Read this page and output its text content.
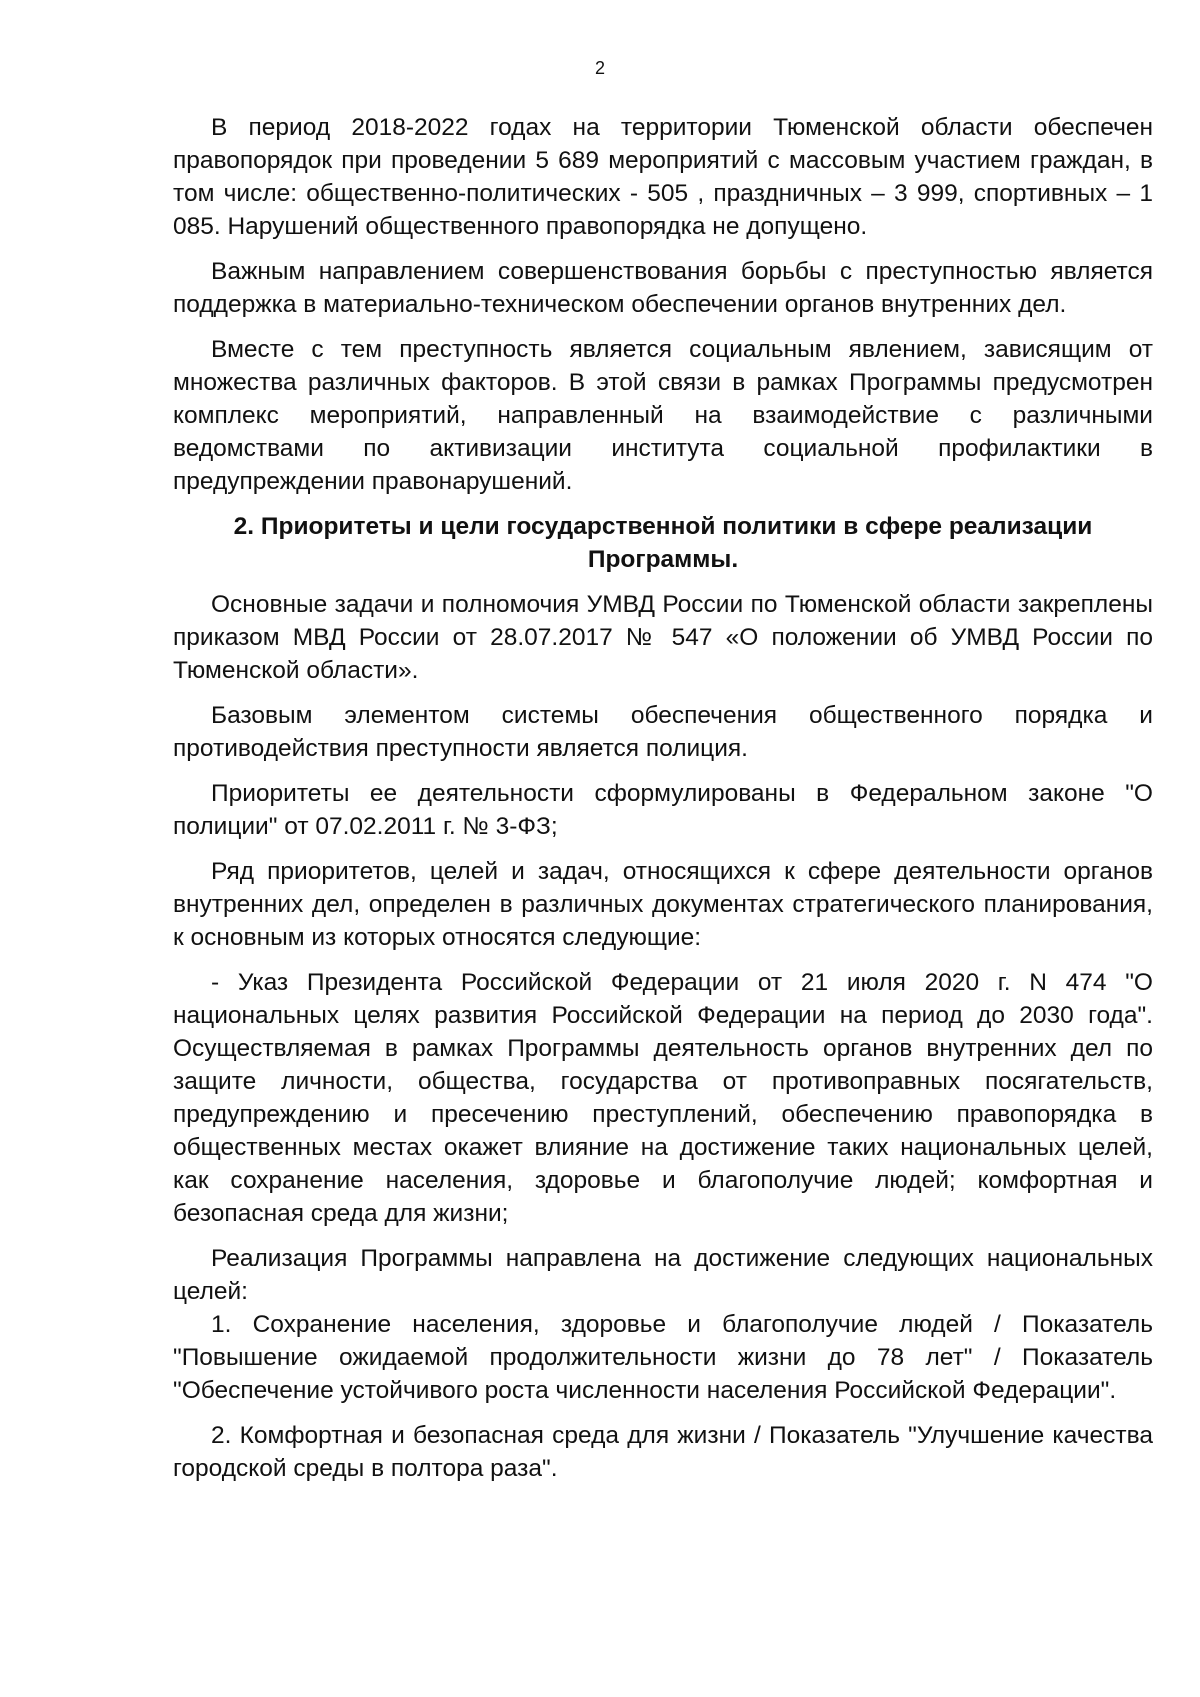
2

В период 2018-2022 годах на территории Тюменской области обеспечен правопорядок при проведении 5 689 мероприятий с массовым участием граждан, в том числе: общественно-политических - 505 , праздничных – 3 999, спортивных – 1 085. Нарушений общественного правопорядка не допущено.

Важным направлением совершенствования борьбы с преступностью является поддержка в материально-техническом обеспечении органов внутренних дел.

Вместе с тем преступность является социальным явлением, зависящим от множества различных факторов. В этой связи в рамках Программы предусмотрен комплекс мероприятий, направленный на взаимодействие с различными ведомствами по активизации института социальной профилактики в предупреждении правонарушений.

2. Приоритеты и цели государственной политики в сфере реализации
Программы.

Основные задачи и полномочия УМВД России по Тюменской области закреплены приказом МВД России от 28.07.2017 № 547 «О положении об УМВД России по Тюменской области».

Базовым элементом системы обеспечения общественного порядка и противодействия преступности является полиция.

Приоритеты ее деятельности сформулированы в Федеральном законе "О полиции" от 07.02.2011 г. № 3-ФЗ;

Ряд приоритетов, целей и задач, относящихся к сфере деятельности органов внутренних дел, определен в различных документах стратегического планирования, к основным из которых относятся следующие:

- Указ Президента Российской Федерации от 21 июля 2020 г. N 474 "О национальных целях развития Российской Федерации на период до 2030 года". Осуществляемая в рамках Программы деятельность органов внутренних дел по защите личности, общества, государства от противоправных посягательств, предупреждению и пресечению преступлений, обеспечению правопорядка в общественных местах окажет влияние на достижение таких национальных целей, как сохранение населения, здоровье и благополучие людей; комфортная и безопасная среда для жизни;

Реализация Программы направлена на достижение следующих национальных целей:

1. Сохранение населения, здоровье и благополучие людей / Показатель "Повышение ожидаемой продолжительности жизни до 78 лет" / Показатель "Обеспечение устойчивого роста численности населения Российской Федерации".

2. Комфортная и безопасная среда для жизни / Показатель "Улучшение качества городской среды в полтора раза".
